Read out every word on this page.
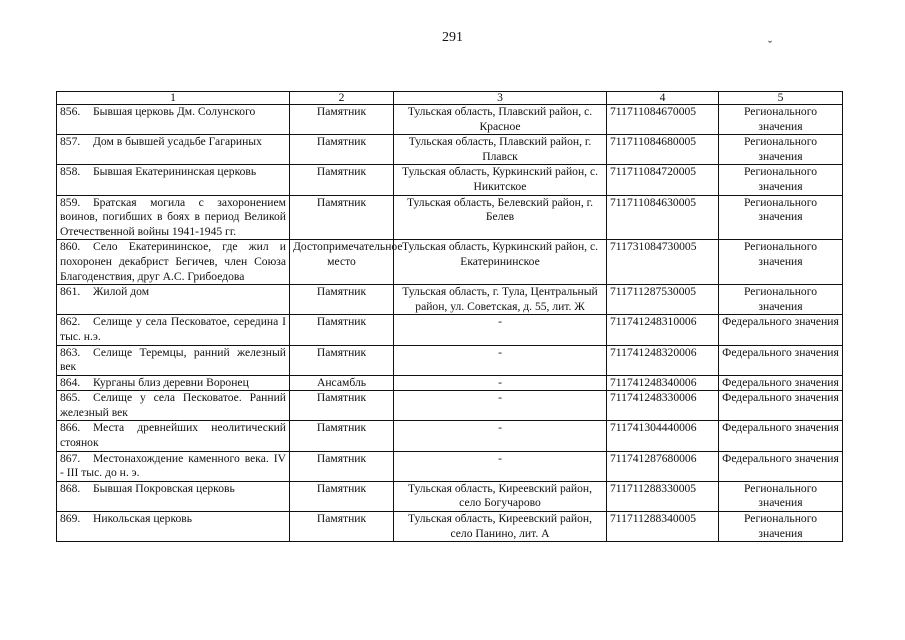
291	ˇ
1	2	3	4	5
856. Бывшая церковь Дм. Солунского	Памятник	Тульская область, Плавский район, с. Красное	711711084670005	Регионального значения
857. Дом в бывшей усадьбе Гагариных	Памятник	Тульская область, Плавский район, г. Плавск	711711084680005	Регионального значения
858. Бывшая Екатерининская церковь	Памятник	Тульская область, Куркинский район, с. Никитское	711711084720005	Регионального значения
859. Братская могила с захоронением воинов, погибших в боях в период Великой Отечественной войны 1941-1945 гг.	Памятник	Тульская область, Белевский район, г. Белев	711711084630005	Регионального значения
860. Село Екатерининское, где жил и похоронен декабрист Бегичев, член Союза Благоденствия, друг А.С. Грибоедова	Достопримечательное место	Тульская область, Куркинский район, с. Екатерининское	711731084730005	Регионального значения
861. Жилой дом	Памятник	Тульская область, г. Тула, Центральный район, ул. Советская, д. 55, лит. Ж	711711287530005	Регионального значения
862. Селище у села Песковатое, середина I тыс. н.э.	Памятник	-	711741248310006	Федерального значения
863. Селище Теремцы, ранний железный век	Памятник	-	711741248320006	Федерального значения
864. Курганы близ деревни Воронец	Ансамбль	-	711741248340006	Федерального значения
865. Селище у села Песковатое. Ранний железный век	Памятник	-	711741248330006	Федерального значения
866. Места древнейших неолитический стоянок	Памятник	-	711741304440006	Федерального значения
867. Местонахождение каменного века. IV - III тыс. до н. э.	Памятник	-	711741287680006	Федерального значения
868. Бывшая Покровская церковь	Памятник	Тульская область, Киреевский район, село Богучарово	711711288330005	Регионального значения
869. Никольская церковь	Памятник	Тульская область, Киреевский район, село Панино, лит. А	711711288340005	Регионального значения
